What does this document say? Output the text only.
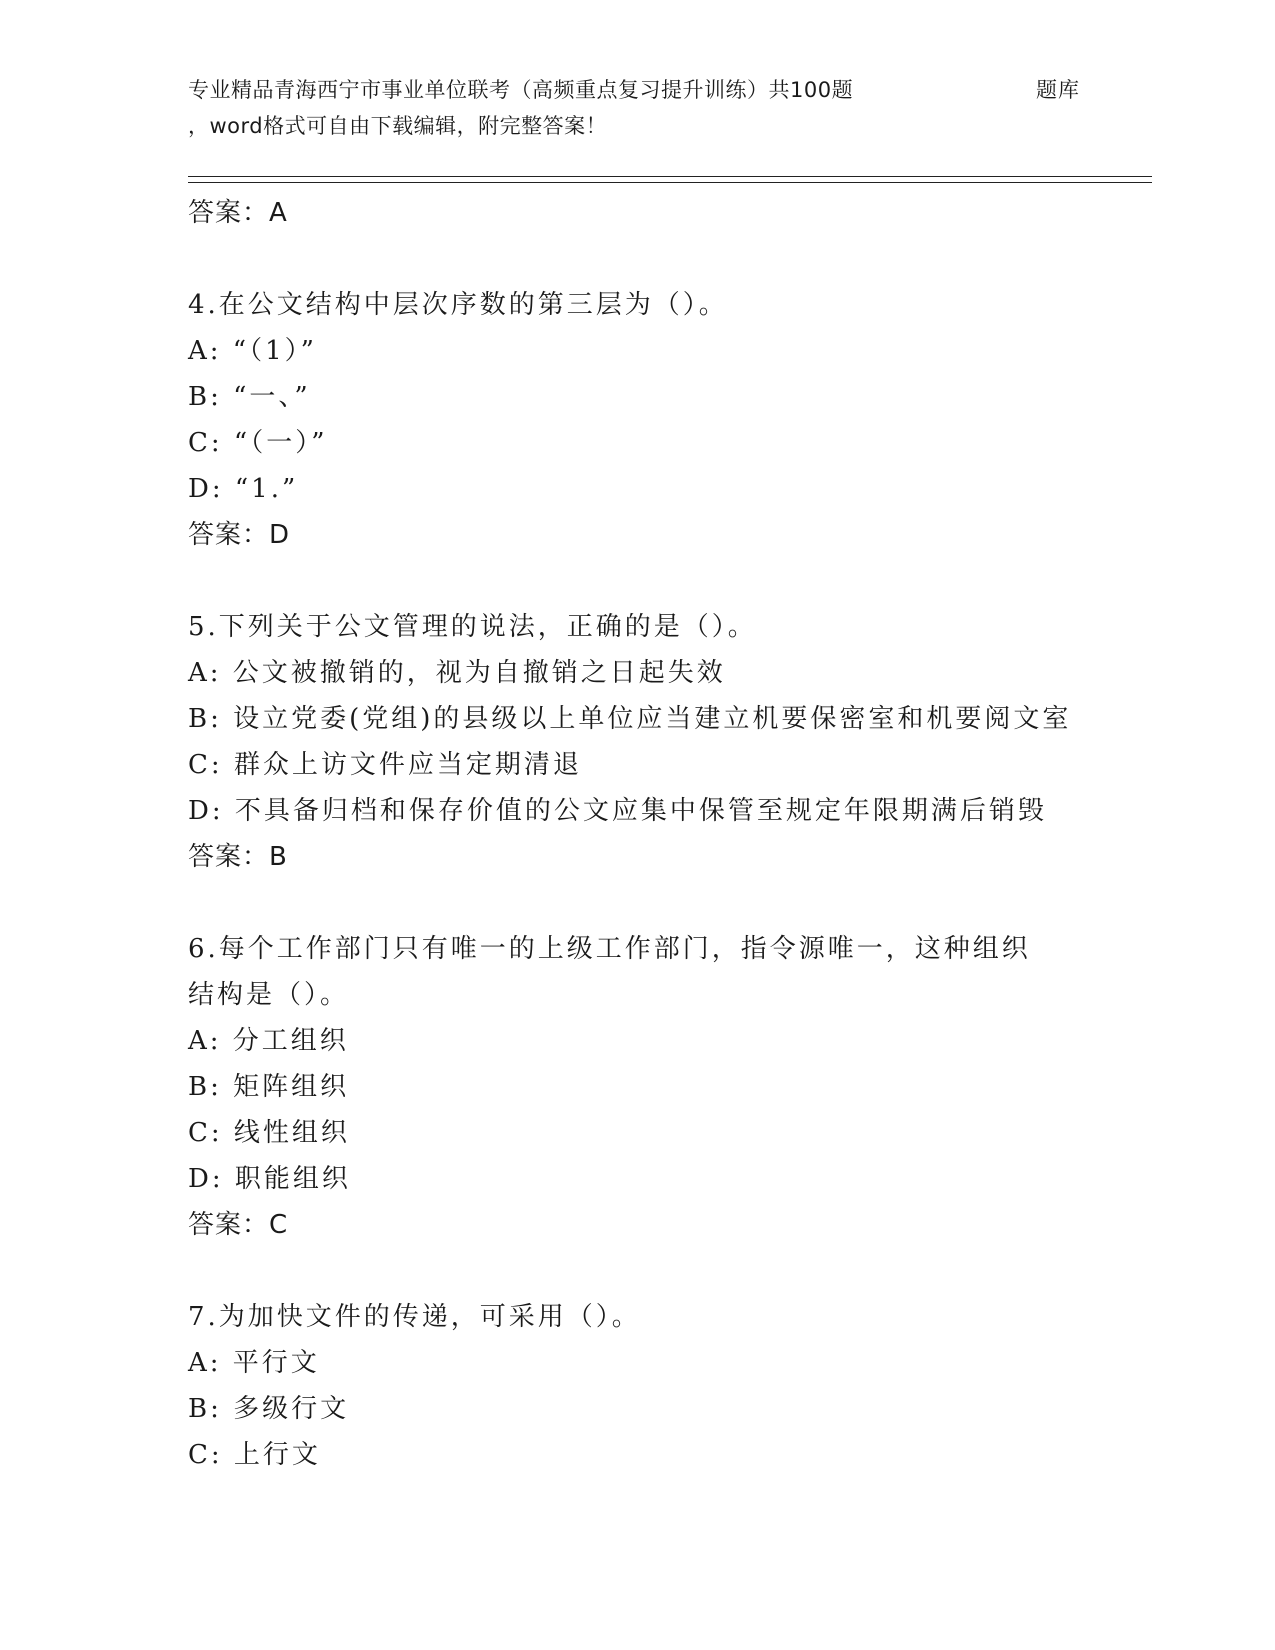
专业精品青海西宁市事业单位联考（高频重点复习提升训练）共100题	题库
，word格式可自由下载编辑，附完整答案！
答案：A
4.在公文结构中层次序数的第三层为（）。
A: “（1）”
B: “一、”
C: “（一）”
D: “1.”
答案：D
5.下列关于公文管理的说法，正确的是（）。
A: 公文被撤销的，视为自撤销之日起失效
B: 设立党委(党组)的县级以上单位应当建立机要保密室和机要阅文室
C: 群众上访文件应当定期清退
D: 不具备归档和保存价值的公文应集中保管至规定年限期满后销毁
答案：B
6.每个工作部门只有唯一的上级工作部门，指令源唯一，这种组织结构是（）。
A: 分工组织
B: 矩阵组织
C: 线性组织
D: 职能组织
答案：C
7.为加快文件的传递，可采用（）。
A: 平行文
B: 多级行文
C: 上行文
